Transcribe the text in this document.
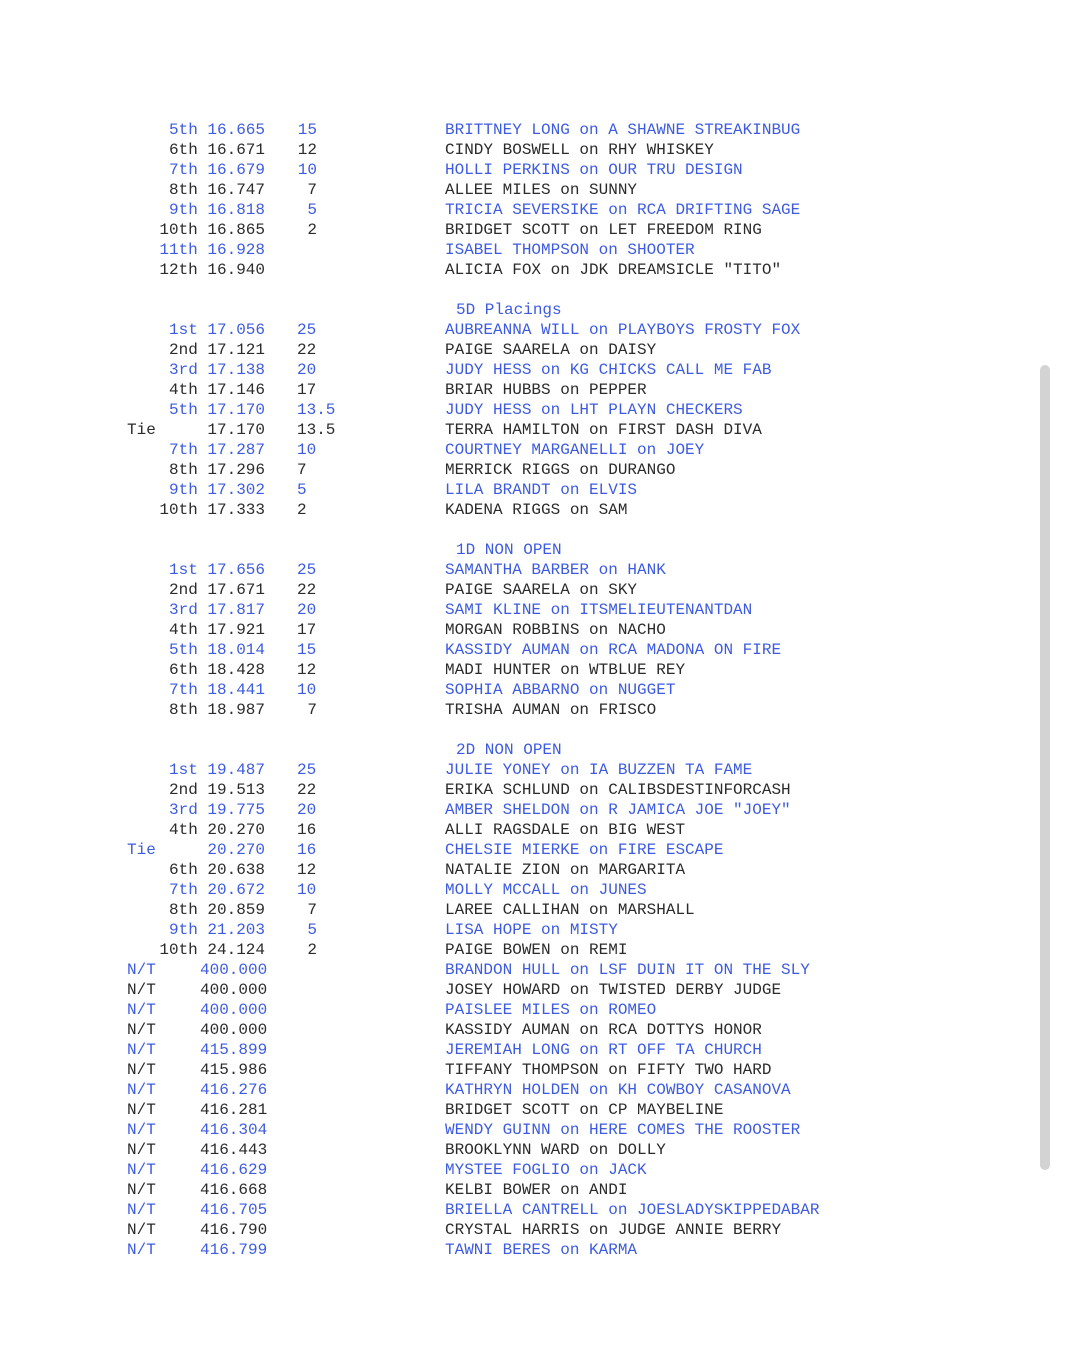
5th 16.665	15	BRITTNEY LONG on A SHAWNE STREAKINBUG
6th 16.671	12	CINDY BOSWELL on RHY WHISKEY
7th 16.679	10	HOLLI PERKINS on OUR TRU DESIGN
8th 16.747	7	ALLEE MILES on SUNNY
9th 16.818	5	TRICIA SEVERSIKE on RCA DRIFTING SAGE
10th 16.865	2	BRIDGET SCOTT on LET FREEDOM RING
11th 16.928	ISABEL THOMPSON on SHOOTER
12th 16.940	ALICIA FOX on JDK DREAMSICLE "TITO"
5D Placings
1st 17.056 25	AUBREANNA WILL on PLAYBOYS FROSTY FOX
2nd 17.121 22	PAIGE SAARELA on DAISY
3rd 17.138 20	JUDY HESS on KG CHICKS CALL ME FAB
4th 17.146 17	BRIAR HUBBS on PEPPER
5th 17.170 13.5	JUDY HESS on LHT PLAYN CHECKERS
Tie	17.170 13.5	TERRA HAMILTON on FIRST DASH DIVA
7th 17.287 10	COURTNEY MARGANELLI on JOEY
8th 17.296 7	MERRICK RIGGS on DURANGO
9th 17.302 5	LILA BRANDT on ELVIS
10th 17.333 2	KADENA RIGGS on SAM
1D NON OPEN
1st 17.656 25	SAMANTHA BARBER on HANK
2nd 17.671 22	PAIGE SAARELA on SKY
3rd 17.817 20	SAMI KLINE on ITSMELIEUTENANTDAN
4th 17.921 17	MORGAN ROBBINS on NACHO
5th 18.014 15	KASSIDY AUMAN on RCA MADONA ON FIRE
6th 18.428 12	MADI HUNTER on WTBLUE REY
7th 18.441 10	SOPHIA ABBARNO on NUGGET
8th 18.987	7	TRISHA AUMAN on FRISCO
2D NON OPEN
1st 19.487 25	JULIE YONEY on IA BUZZEN TA FAME
2nd 19.513 22	ERIKA SCHLUND on CALIBSDESTINFORCASH
3rd 19.775 20	AMBER SHELDON on R JAMICA JOE "JOEY"
4th 20.270 16	ALLI RAGSDALE on BIG WEST
Tie	20.270 16	CHELSIE MIERKE on FIRE ESCAPE
6th 20.638 12	NATALIE ZION on MARGARITA
7th 20.672 10	MOLLY MCCALL on JUNES
8th 20.859	7	LAREE CALLIHAN on MARSHALL
9th 21.203	5	LISA HOPE on MISTY
10th 24.124	2	PAIGE BOWEN on REMI
N/T	400.000	BRANDON HULL on LSF DUIN IT ON THE SLY
N/T	400.000	JOSEY HOWARD on TWISTED DERBY JUDGE
N/T	400.000	PAISLEE MILES on ROMEO
N/T	400.000	KASSIDY AUMAN on RCA DOTTYS HONOR
N/T	415.899	JEREMIAH LONG on RT OFF TA CHURCH
N/T	415.986	TIFFANY THOMPSON on FIFTY TWO HARD
N/T	416.276	KATHRYN HOLDEN on KH COWBOY CASANOVA
N/T	416.281	BRIDGET SCOTT on CP MAYBELINE
N/T	416.304	WENDY GUINN on HERE COMES THE ROOSTER
N/T	416.443	BROOKLYNN WARD on DOLLY
N/T	416.629	MYSTEE FOGLIO on JACK
N/T	416.668	KELBI BOWER on ANDI
N/T	416.705	BRIELLA CANTRELL on JOESLADYSKIPPEDABAR
N/T	416.790	CRYSTAL HARRIS on JUDGE ANNIE BERRY
N/T	416.799	TAWNI BERES on KARMA
